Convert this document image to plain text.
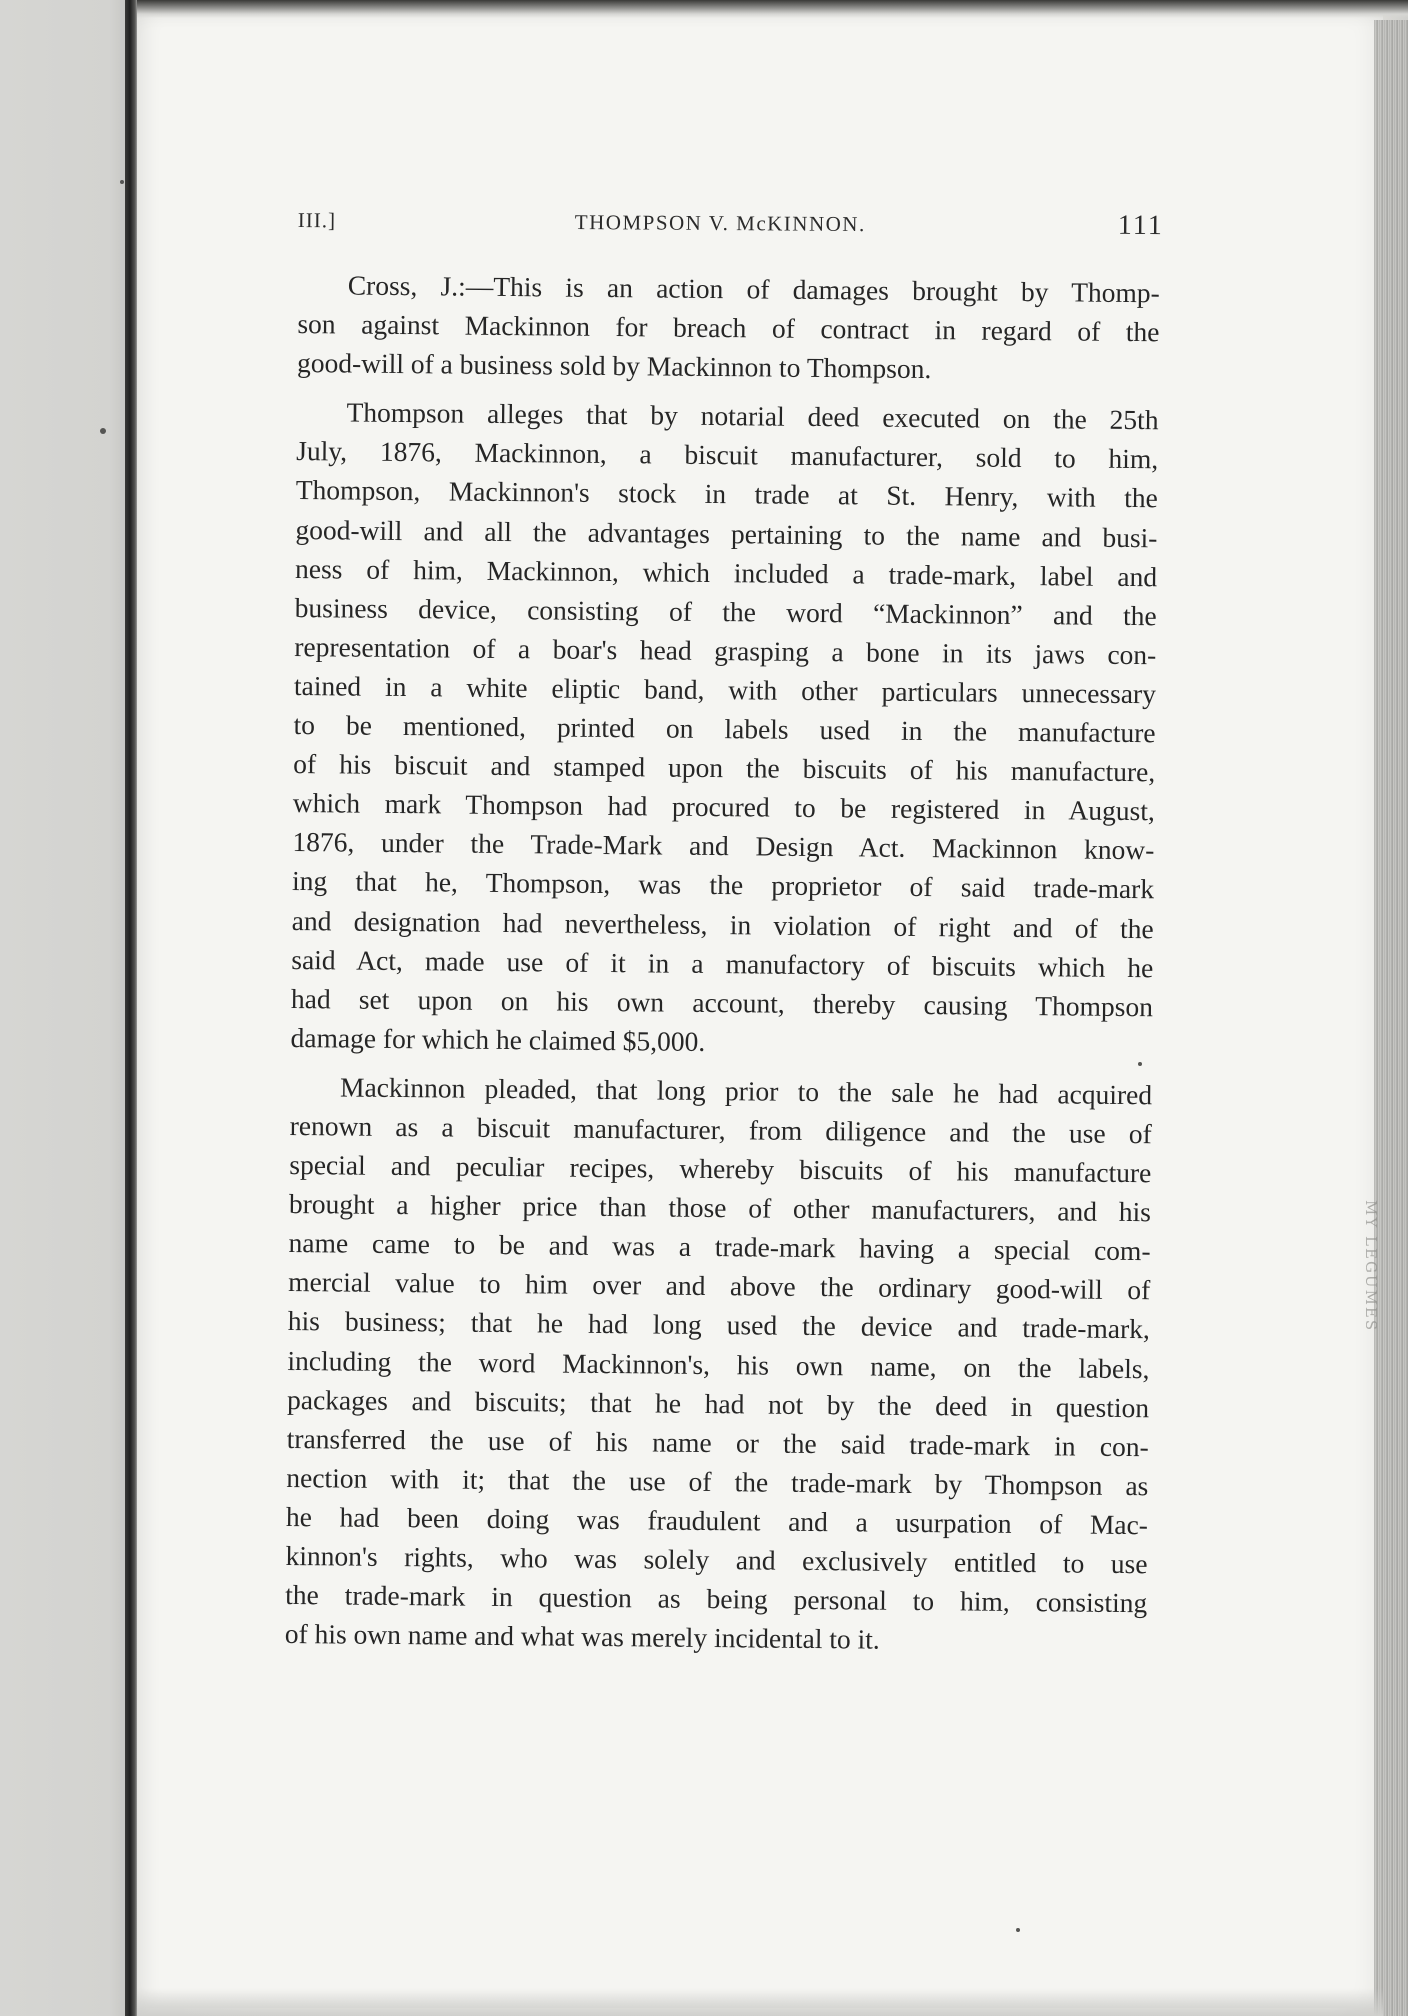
MY LEGUMES
III.]	THOMPSON V. McKINNON.	111
Cross, J.:—This is an action of damages brought by Thomp-
son against Mackinnon for breach of contract in regard of the
good-will of a business sold by Mackinnon to Thompson.
Thompson alleges that by notarial deed executed on the 25th
July, 1876, Mackinnon, a biscuit manufacturer, sold to him,
Thompson, Mackinnon's stock in trade at St. Henry, with the
good-will and all the advantages pertaining to the name and busi-
ness of him, Mackinnon, which included a trade-mark, label and
business device, consisting of the word “Mackinnon” and the
representation of a boar's head grasping a bone in its jaws con-
tained in a white eliptic band, with other particulars unnecessary
to be mentioned, printed on labels used in the manufacture
of his biscuit and stamped upon the biscuits of his manufacture,
which mark Thompson had procured to be registered in August,
1876, under the Trade-Mark and Design Act. Mackinnon know-
ing that he, Thompson, was the proprietor of said trade-mark
and designation had nevertheless, in violation of right and of the
said Act, made use of it in a manufactory of biscuits which he
had set upon on his own account, thereby causing Thompson
damage for which he claimed $5,000.
Mackinnon pleaded, that long prior to the sale he had acquired
renown as a biscuit manufacturer, from diligence and the use of
special and peculiar recipes, whereby biscuits of his manufacture
brought a higher price than those of other manufacturers, and his
name came to be and was a trade-mark having a special com-
mercial value to him over and above the ordinary good-will of
his business; that he had long used the device and trade-mark,
including the word Mackinnon's, his own name, on the labels,
packages and biscuits; that he had not by the deed in question
transferred the use of his name or the said trade-mark in con-
nection with it; that the use of the trade-mark by Thompson as
he had been doing was fraudulent and a usurpation of Mac-
kinnon's rights, who was solely and exclusively entitled to use
the trade-mark in question as being personal to him, consisting
of his own name and what was merely incidental to it.
